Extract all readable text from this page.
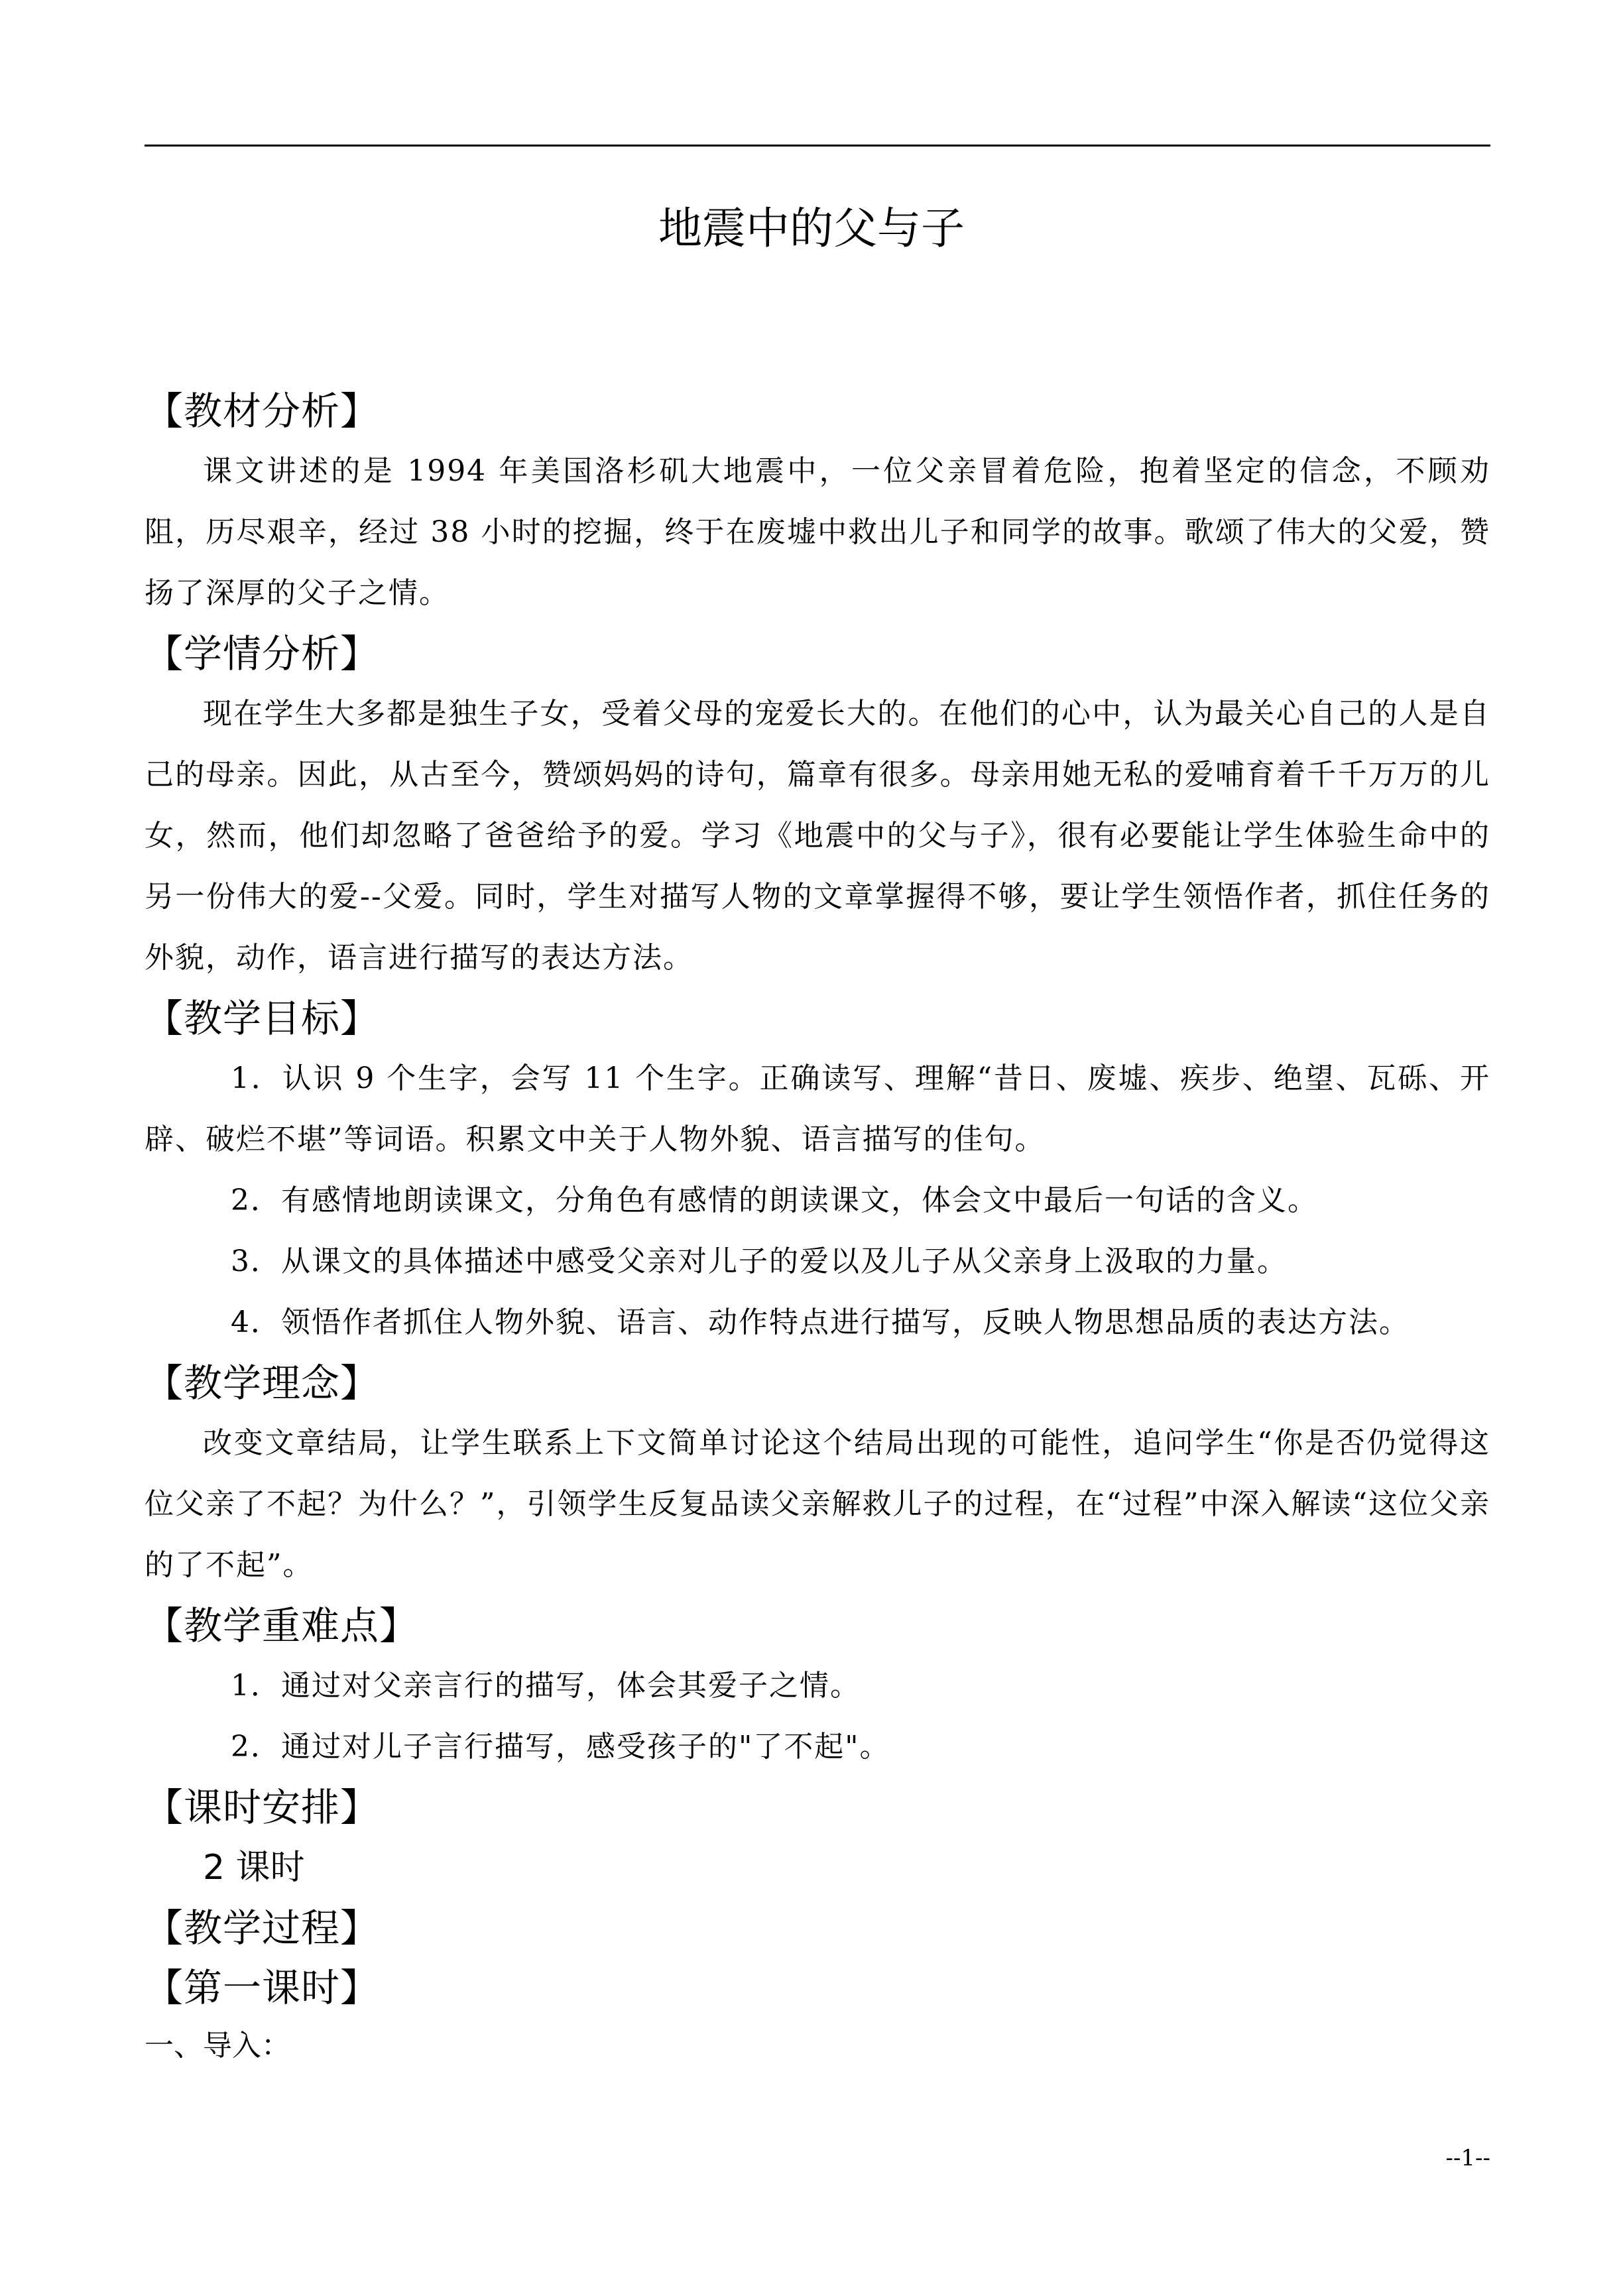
地震中的父与子
【教材分析】

课文讲述的是 1994 年美国洛杉矶大地震中，一位父亲冒着危险，抱着坚定的信念，不顾劝阻，历尽艰辛，经过 38 小时的挖掘，终于在废墟中救出儿子和同学的故事。歌颂了伟大的父爱，赞扬了深厚的父子之情。

【学情分析】

现在学生大多都是独生子女，受着父母的宠爱长大的。在他们的心中，认为最关心自己的人是自己的母亲。因此，从古至今，赞颂妈妈的诗句，篇章有很多。母亲用她无私的爱哺育着千千万万的儿女，然而，他们却忽略了爸爸给予的爱。学习《地震中的父与子》，很有必要能让学生体验生命中的另一份伟大的爱--父爱。同时，学生对描写人物的文章掌握得不够，要让学生领悟作者，抓住任务的外貌，动作，语言进行描写的表达方法。

【教学目标】

1．认识 9 个生字，会写 11 个生字。正确读写、理解“昔日、废墟、疾步、绝望、瓦砾、开辟、破烂不堪”等词语。积累文中关于人物外貌、语言描写的佳句。

2．有感情地朗读课文，分角色有感情的朗读课文，体会文中最后一句话的含义。

3．从课文的具体描述中感受父亲对儿子的爱以及儿子从父亲身上汲取的力量。

4．领悟作者抓住人物外貌、语言、动作特点进行描写，反映人物思想品质的表达方法。

【教学理念】

改变文章结局，让学生联系上下文简单讨论这个结局出现的可能性，追问学生“你是否仍觉得这位父亲了不起？为什么？”，引领学生反复品读父亲解救儿子的过程，在“过程”中深入解读“这位父亲的了不起”。

【教学重难点】

1．通过对父亲言行的描写，体会其爱子之情。

2．通过对儿子言行描写，感受孩子的"了不起"。

【课时安排】
2 课时
【教学过程】
【第一课时】
一、导入：
--1--
